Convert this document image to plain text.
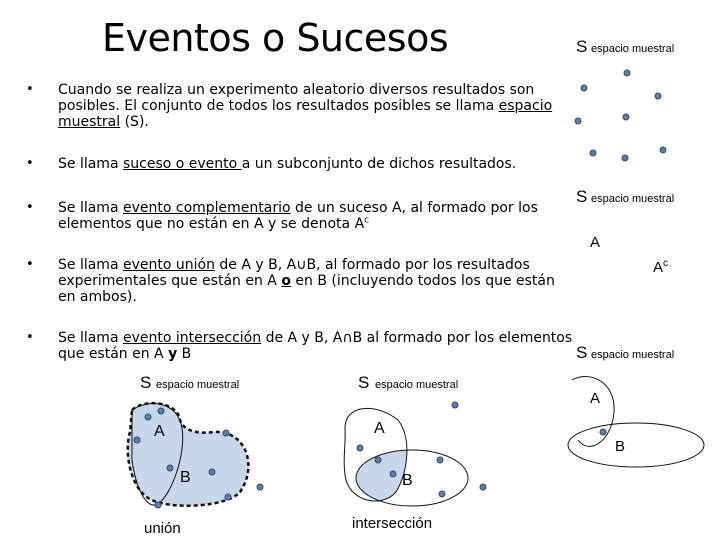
Eventos o Sucesos
• Cuando se realiza un experimento aleatorio diversos resultados son posibles. El conjunto de todos los resultados posibles se llama espacio muestral (S).
• Se llama suceso o evento a un subconjunto de dichos resultados.
• Se llama evento complementario de un suceso A, al formado por los elementos que no están en A y se denota $A^c$
• Se llama evento unión de A y B, A∪B, al formado por los resultados experimentales que están en A o en B (incluyendo todos los que están en ambos).
• Se llama evento intersección de A y B, A∩B al formado por los elementos que están en A y B
S espacio muestral
S espacio muestral
A
$A^c$
S espacio muestral
A
B
S espacio muestral
A
B
unión
S espacio muestral
A
B
intersección
